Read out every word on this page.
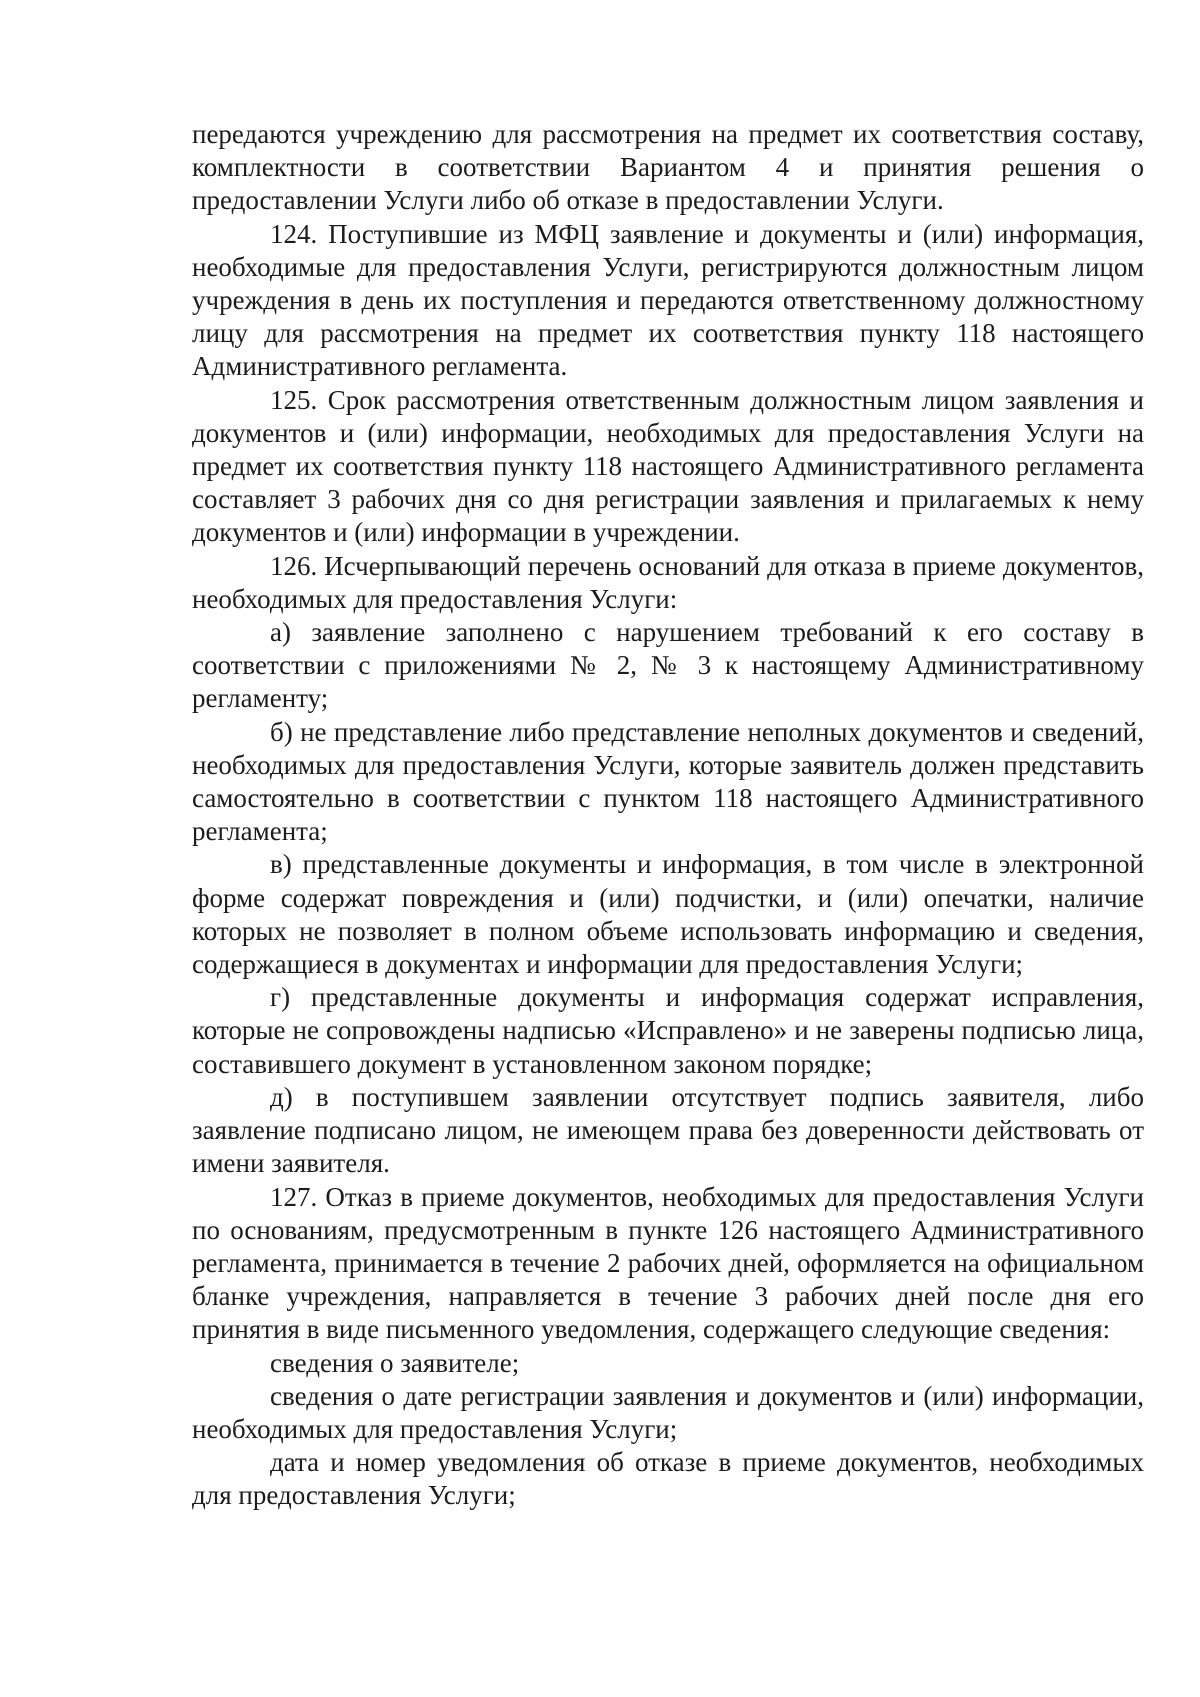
передаются учреждению для рассмотрения на предмет их соответствия составу, комплектности в соответствии Вариантом 4 и принятия решения о предоставлении Услуги либо об отказе в предоставлении Услуги.

124. Поступившие из МФЦ заявление и документы и (или) информация, необходимые для предоставления Услуги, регистрируются должностным лицом учреждения в день их поступления и передаются ответственному должностному лицу для рассмотрения на предмет их соответствия пункту 118 настоящего Административного регламента.

125. Срок рассмотрения ответственным должностным лицом заявления и документов и (или) информации, необходимых для предоставления Услуги на предмет их соответствия пункту 118 настоящего Административного регламента составляет 3 рабочих дня со дня регистрации заявления и прилагаемых к нему документов и (или) информации в учреждении.

126. Исчерпывающий перечень оснований для отказа в приеме документов, необходимых для предоставления Услуги:

а) заявление заполнено с нарушением требований к его составу в соответствии с приложениями № 2, № 3 к настоящему Административному регламенту;

б) не представление либо представление неполных документов и сведений, необходимых для предоставления Услуги, которые заявитель должен представить самостоятельно в соответствии с пунктом 118 настоящего Административного регламента;

в) представленные документы и информация, в том числе в электронной форме содержат повреждения и (или) подчистки, и (или) опечатки, наличие которых не позволяет в полном объеме использовать информацию и сведения, содержащиеся в документах и информации для предоставления Услуги;

г) представленные документы и информация содержат исправления, которые не сопровождены надписью «Исправлено» и не заверены подписью лица, составившего документ в установленном законом порядке;

д) в поступившем заявлении отсутствует подпись заявителя, либо заявление подписано лицом, не имеющем права без доверенности действовать от имени заявителя.

127. Отказ в приеме документов, необходимых для предоставления Услуги по основаниям, предусмотренным в пункте 126 настоящего Административного регламента, принимается в течение 2 рабочих дней, оформляется на официальном бланке учреждения, направляется в течение 3 рабочих дней после дня его принятия в виде письменного уведомления, содержащего следующие сведения:

сведения о заявителе;

сведения о дате регистрации заявления и документов и (или) информации, необходимых для предоставления Услуги;

дата и номер уведомления об отказе в приеме документов, необходимых для предоставления Услуги;
